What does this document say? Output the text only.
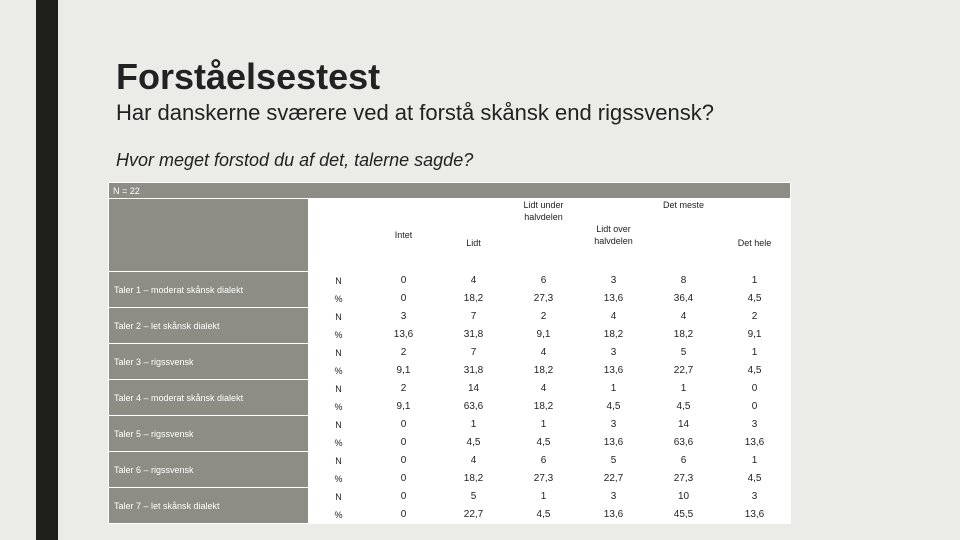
Forståelsestest
Har danskerne sværere ved at forstå skånsk end rigssvensk?

Hvor meget forstod du af det, talerne sagde?

N = 22							

Intet	Lidt	Lidt under halvdelen	Lidt over halvdelen	Det meste	Det hele

Taler 1 – moderat skånsk dialekt	N	0	4	6	3	8	1
	%	0	18,2	27,3	13,6	36,4	4,5
Taler 2 – let skånsk dialekt	N	3	7	2	4	4	2
	%	13,6	31,8	9,1	18,2	18,2	9,1
Taler 3 – rigssvensk	N	2	7	4	3	5	1
	%	9,1	31,8	18,2	13,6	22,7	4,5
Taler 4 – moderat skånsk dialekt	N	2	14	4	1	1	0
	%	9,1	63,6	18,2	4,5	4,5	0
Taler 5 – rigssvensk	N	0	1	1	3	14	3
	%	0	4,5	4,5	13,6	63,6	13,6
Taler 6 – rigssvensk	N	0	4	6	5	6	1
	%	0	18,2	27,3	22,7	27,3	4,5
Taler 7 – let skånsk dialekt	N	0	5	1	3	10	3
	%	0	22,7	4,5	13,6	45,5	13,6
